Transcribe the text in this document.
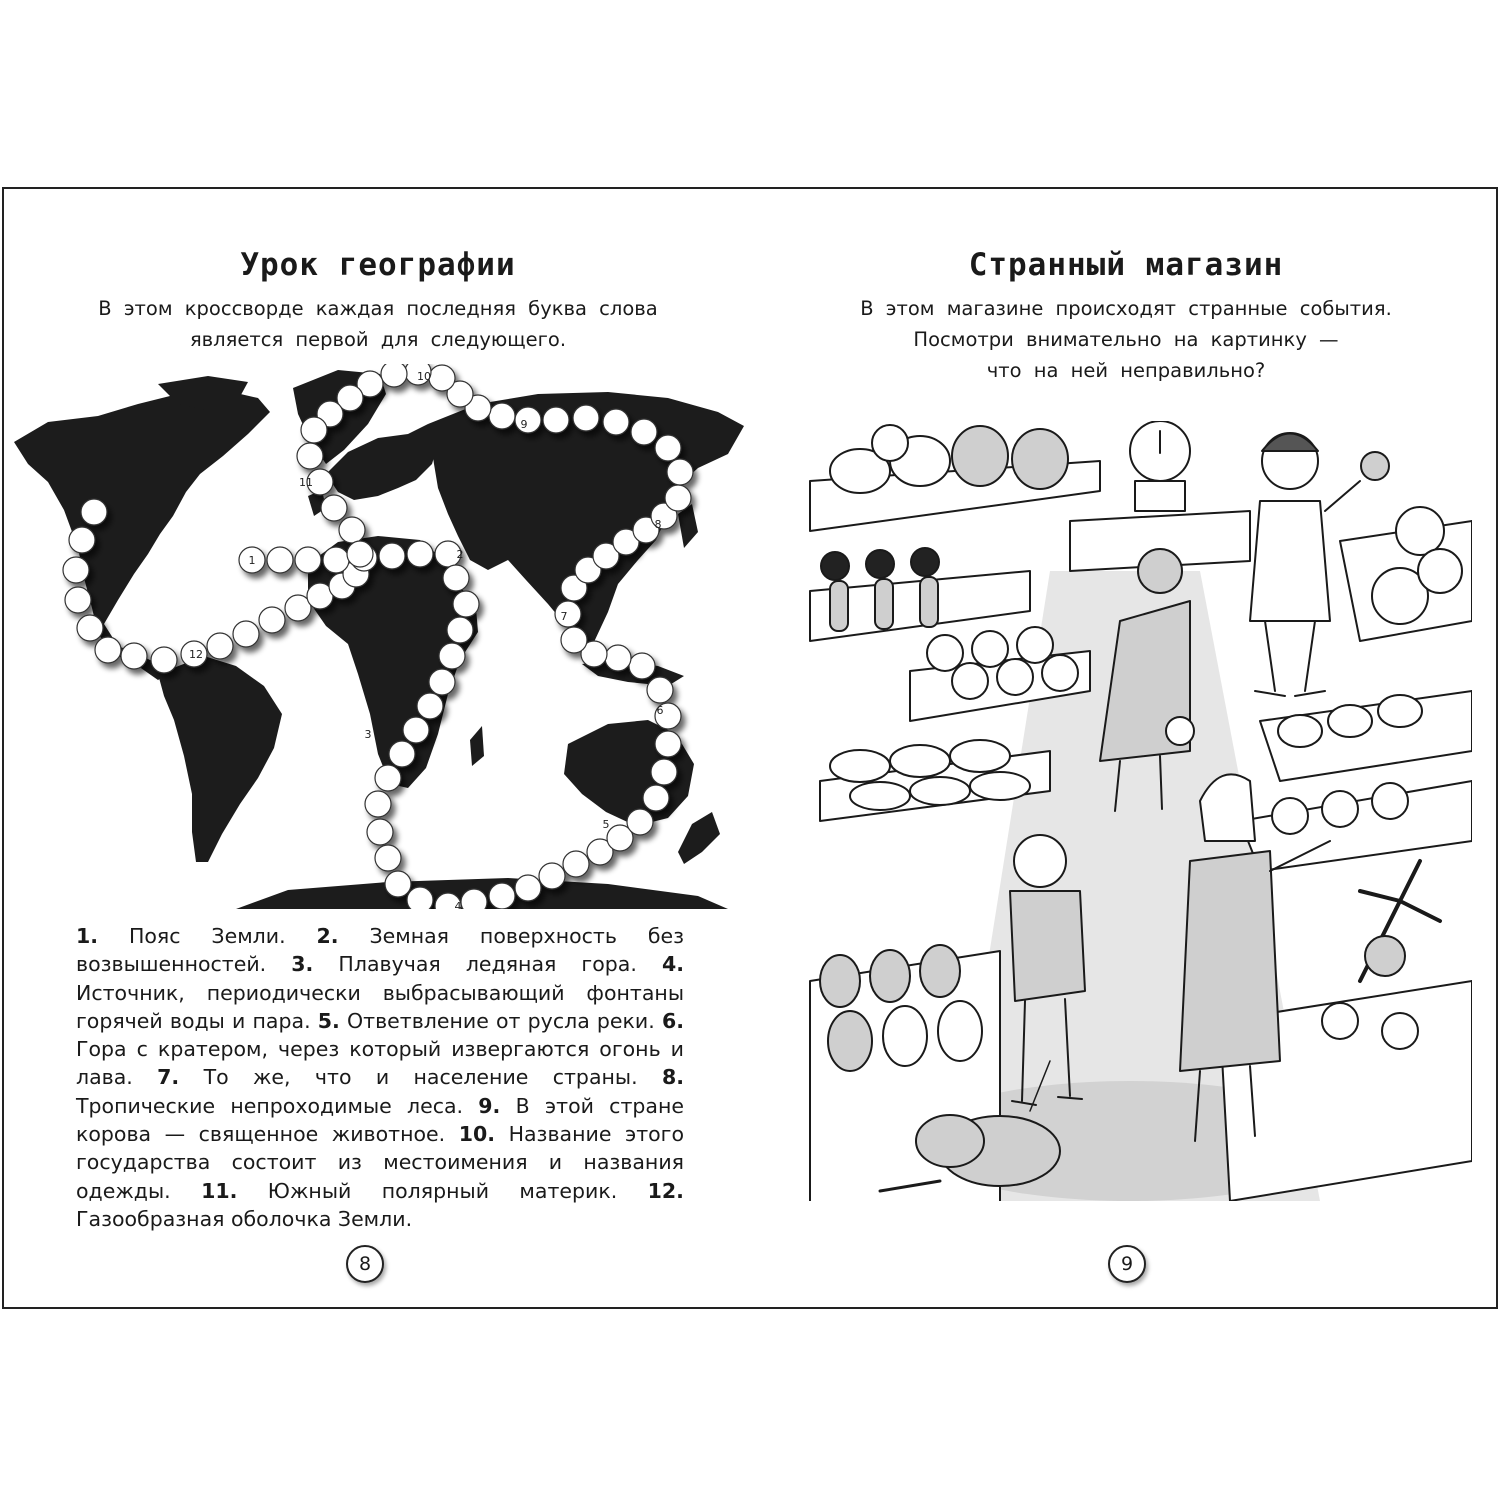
Урок географии
В этом кроссворде каждая последняя буква слова
является первой для следующего.
1	2
3
4
5
6
7
8
9
10
11
12
1. Пояс Земли. 2. Земная поверхность без возвышенностей. 3. Плавучая ледяная гора. 4. Источник, периодически выбрасывающий фонтаны горячей воды и пара. 5. Ответвление от русла реки. 6. Гора с кратером, через который извергаются огонь и лава. 7. То же, что и население страны. 8. Тропические непроходимые леса. 9. В этой стране корова — священное животное. 10. Название этого государства состоит из местоимения и названия одежды. 11. Южный полярный материк. 12. Газообразная оболочка Земли.
8
Странный магазин
В этом магазине происходят странные события.
Посмотри внимательно на картинку —
что на ней неправильно?
9
